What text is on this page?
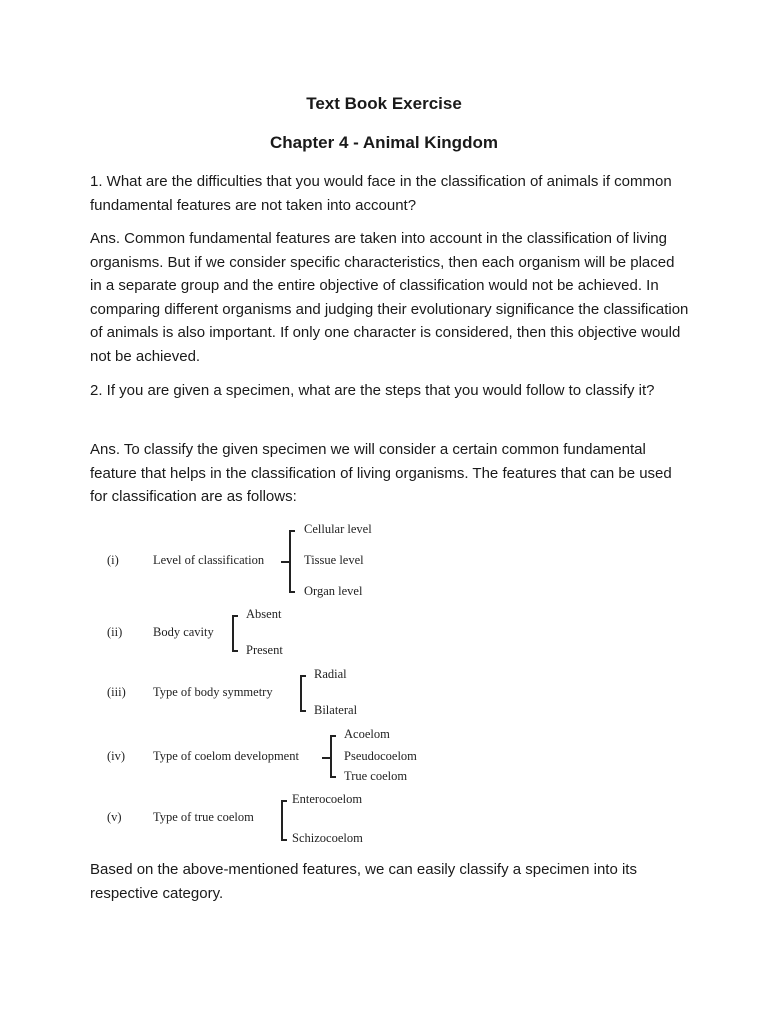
Text Book Exercise
Chapter 4 - Animal Kingdom
1. What are the difficulties that you would face in the classification of animals if common fundamental features are not taken into account?
Ans. Common fundamental features are taken into account in the classification of living organisms. But if we consider specific characteristics, then each organism will be placed in a separate group and the entire objective of classification would not be achieved. In comparing different organisms and judging their evolutionary significance the classification of animals is also important. If only one character is considered, then this objective would not be achieved.
2. If you are given a specimen, what are the steps that you would follow to classify it?
Ans. To classify the given specimen we will consider a certain common fundamental feature that helps in the classification of living organisms. The features that can be used for classification are as follows:
(i)	Level of classification
Cellular level
Tissue level
Organ level
(ii) Body cavity
Absent
Present
(iii) Type of body symmetry
Radial
Bilateral
(iv) Type of coelom development
Acoelom
Pseudocoelom
True coelom
(v)	Type of true coelom
Enterocoelom
Schizocoelom
Based on the above-mentioned features, we can easily classify a specimen into its respective category.
